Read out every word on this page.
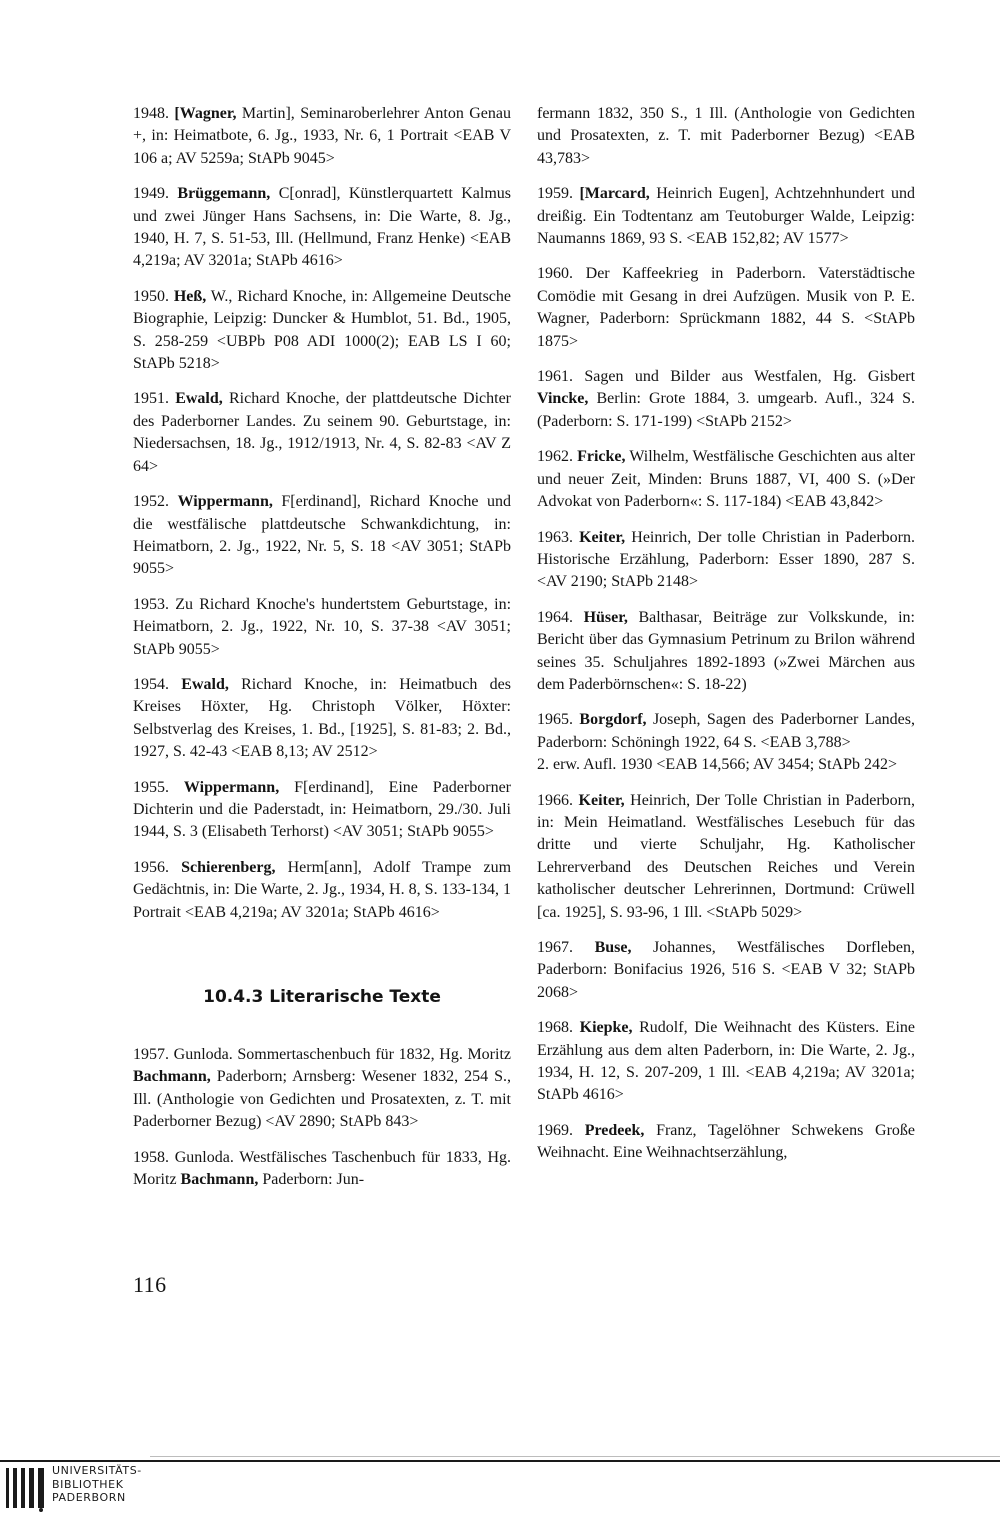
1948. [Wagner, Martin], Seminaroberlehrer Anton Genau +, in: Heimatbote, 6. Jg., 1933, Nr. 6, 1 Portrait <EAB V 106 a; AV 5259a; StAPb 9045>

1949. Brüggemann, C[onrad], Künstlerquartett Kalmus und zwei Jünger Hans Sachsens, in: Die Warte, 8. Jg., 1940, H. 7, S. 51-53, Ill. (Hellmund, Franz Henke) <EAB 4,219a; AV 3201a; StAPb 4616>

1950. Heß, W., Richard Knoche, in: Allgemeine Deutsche Biographie, Leipzig: Duncker & Humblot, 51. Bd., 1905, S. 258-259 <UBPb P08 ADI 1000(2); EAB LS I 60; StAPb 5218>

1951. Ewald, Richard Knoche, der plattdeutsche Dichter des Paderborner Landes. Zu seinem 90. Geburtstage, in: Niedersachsen, 18. Jg., 1912/1913, Nr. 4, S. 82-83 <AV Z 64>

1952. Wippermann, F[erdinand], Richard Knoche und die westfälische plattdeutsche Schwankdichtung, in: Heimatborn, 2. Jg., 1922, Nr. 5, S. 18 <AV 3051; StAPb 9055>

1953. Zu Richard Knoche's hundertstem Geburtstage, in: Heimatborn, 2. Jg., 1922, Nr. 10, S. 37-38 <AV 3051; StAPb 9055>

1954. Ewald, Richard Knoche, in: Heimatbuch des Kreises Höxter, Hg. Christoph Völker, Höxter: Selbstverlag des Kreises, 1. Bd., [1925], S. 81-83; 2. Bd., 1927, S. 42-43 <EAB 8,13; AV 2512>

1955. Wippermann, F[erdinand], Eine Paderborner Dichterin und die Paderstadt, in: Heimatborn, 29./30. Juli 1944, S. 3 (Elisabeth Terhorst) <AV 3051; StAPb 9055>

1956. Schierenberg, Herm[ann], Adolf Trampe zum Gedächtnis, in: Die Warte, 2. Jg., 1934, H. 8, S. 133-134, 1 Portrait <EAB 4,219a; AV 3201a; StAPb 4616>

10.4.3 Literarische Texte

1957. Gunloda. Sommertaschenbuch für 1832, Hg. Moritz Bachmann, Paderborn; Arnsberg: Wesener 1832, 254 S., Ill. (Anthologie von Gedichten und Prosatexten, z. T. mit Paderborner Bezug) <AV 2890; StAPb 843>

1958. Gunloda. Westfälisches Taschenbuch für 1833, Hg. Moritz Bachmann, Paderborn: Jun-

fermann 1832, 350 S., 1 Ill. (Anthologie von Gedichten und Prosatexten, z. T. mit Paderborner Bezug) <EAB 43,783>

1959. [Marcard, Heinrich Eugen], Achtzehnhundert und dreißig. Ein Todtentanz am Teutoburger Walde, Leipzig: Naumanns 1869, 93 S. <EAB 152,82; AV 1577>

1960. Der Kaffeekrieg in Paderborn. Vaterstädtische Comödie mit Gesang in drei Aufzügen. Musik von P. E. Wagner, Paderborn: Sprückmann 1882, 44 S. <StAPb 1875>

1961. Sagen und Bilder aus Westfalen, Hg. Gisbert Vincke, Berlin: Grote 1884, 3. umgearb. Aufl., 324 S. (Paderborn: S. 171-199) <StAPb 2152>

1962. Fricke, Wilhelm, Westfälische Geschichten aus alter und neuer Zeit, Minden: Bruns 1887, VI, 400 S. (»Der Advokat von Paderborn«: S. 117-184) <EAB 43,842>

1963. Keiter, Heinrich, Der tolle Christian in Paderborn. Historische Erzählung, Paderborn: Esser 1890, 287 S. <AV 2190; StAPb 2148>

1964. Hüser, Balthasar, Beiträge zur Volkskunde, in: Bericht über das Gymnasium Petrinum zu Brilon während seines 35. Schuljahres 1892-1893 (»Zwei Märchen aus dem Paderbörnschen«: S. 18-22)

1965. Borgdorf, Joseph, Sagen des Paderborner Landes, Paderborn: Schöningh 1922, 64 S. <EAB 3,788>
2. erw. Aufl. 1930 <EAB 14,566; AV 3454; StAPb 242>

1966. Keiter, Heinrich, Der Tolle Christian in Paderborn, in: Mein Heimatland. Westfälisches Lesebuch für das dritte und vierte Schuljahr, Hg. Katholischer Lehrerverband des Deutschen Reiches und Verein katholischer deutscher Lehrerinnen, Dortmund: Crüwell [ca. 1925], S. 93-96, 1 Ill. <StAPb 5029>

1967. Buse, Johannes, Westfälisches Dorfleben, Paderborn: Bonifacius 1926, 516 S. <EAB V 32; StAPb 2068>

1968. Kiepke, Rudolf, Die Weihnacht des Küsters. Eine Erzählung aus dem alten Paderborn, in: Die Warte, 2. Jg., 1934, H. 12, S. 207-209, 1 Ill. <EAB 4,219a; AV 3201a; StAPb 4616>

1969. Predeek, Franz, Tagelöhner Schwekens Große Weihnacht. Eine Weihnachtserzählung,

116
UNIVERSITÄTS-
BIBLIOTHEK
PADERBORN
